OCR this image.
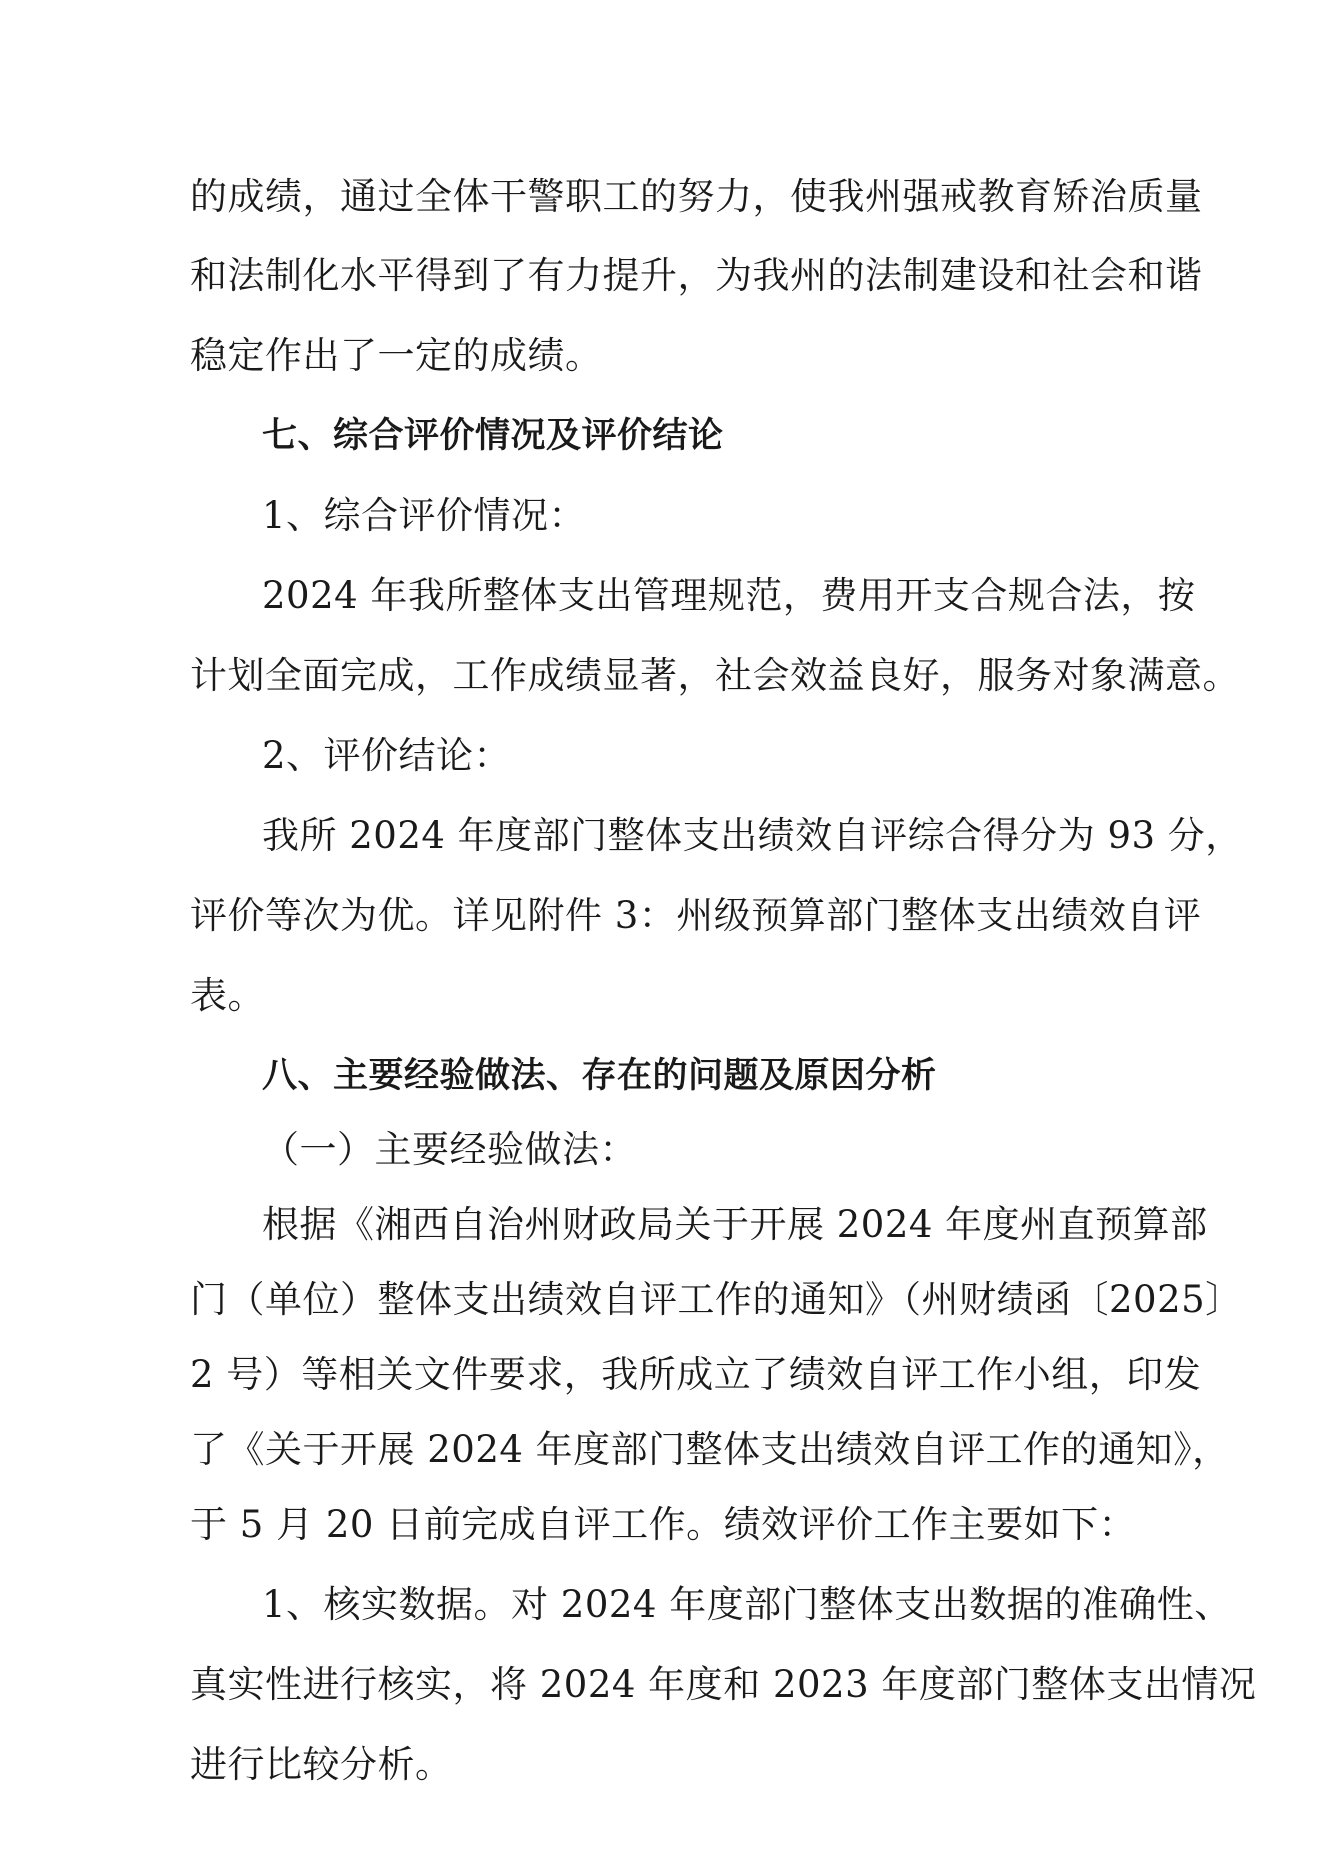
的成绩，通过全体干警职工的努力，使我州强戒教育矫治质量
和法制化水平得到了有力提升，为我州的法制建设和社会和谐
稳定作出了一定的成绩。
七、综合评价情况及评价结论
1、综合评价情况：
2024 年我所整体支出管理规范，费用开支合规合法，按
计划全面完成，工作成绩显著，社会效益良好，服务对象满意。
2、评价结论：
我所 2024 年度部门整体支出绩效自评综合得分为 93 分，
评价等次为优。详见附件 3：州级预算部门整体支出绩效自评
表。
八、主要经验做法、存在的问题及原因分析
（一）主要经验做法：
根据《湘西自治州财政局关于开展 2024 年度州直预算部
门（单位）整体支出绩效自评工作的通知》（州财绩函〔2025〕
2 号）等相关文件要求，我所成立了绩效自评工作小组，印发
了《关于开展 2024 年度部门整体支出绩效自评工作的通知》，
于 5 月 20 日前完成自评工作。绩效评价工作主要如下：
1、核实数据。对 2024 年度部门整体支出数据的准确性、
真实性进行核实，将 2024 年度和 2023 年度部门整体支出情况
进行比较分析。
